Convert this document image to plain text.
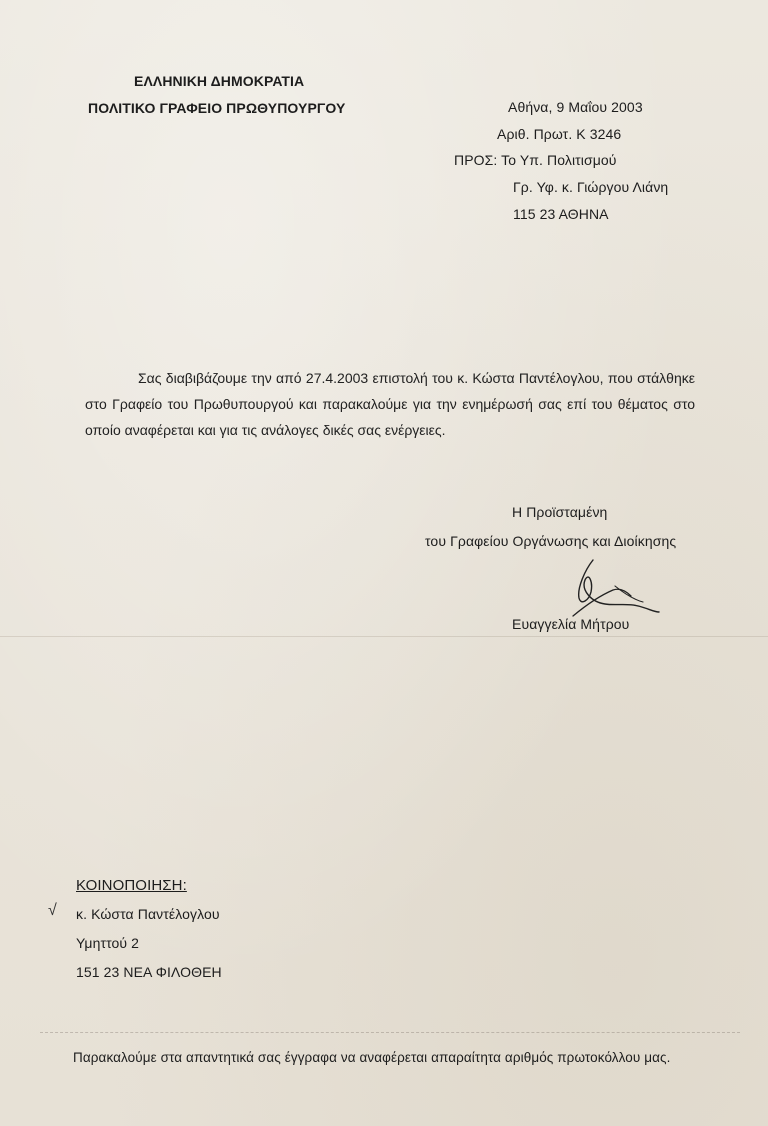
ΕΛΛΗΝΙΚΗ ΔΗΜΟΚΡΑΤΙΑ
ΠΟΛΙΤΙΚΟ ΓΡΑΦΕΙΟ ΠΡΩΘΥΠΟΥΡΓΟΥ	Αθήνα, 9 Μαΐου 2003
Αριθ. Πρωτ. Κ 3246
ΠΡΟΣ: Το Υπ. Πολιτισμού
Γρ. Υφ. κ. Γιώργου Λιάνη
115 23 ΑΘΗΝΑ
Σας διαβιβάζουμε την από 27.4.2003 επιστολή του κ. Κώστα Παντέλογλου, που στάλθηκε στο Γραφείο του Πρωθυπουργού και παρακαλούμε για την ενημέρωσή σας επί του θέματος στο οποίο αναφέρεται και για τις ανάλογες δικές σας ενέργειες.
Η Προϊσταμένη
του Γραφείου Οργάνωσης και Διοίκησης
Ευαγγελία Μήτρου
ΚΟΙΝΟΠΟΙΗΣΗ:
√ κ. Κώστα Παντέλογλου
Υμηττού 2
151 23 ΝΕΑ ΦΙΛΟΘΕΗ
Παρακαλούμε στα απαντητικά σας έγγραφα να αναφέρεται απαραίτητα αριθμός πρωτοκόλλου μας.
